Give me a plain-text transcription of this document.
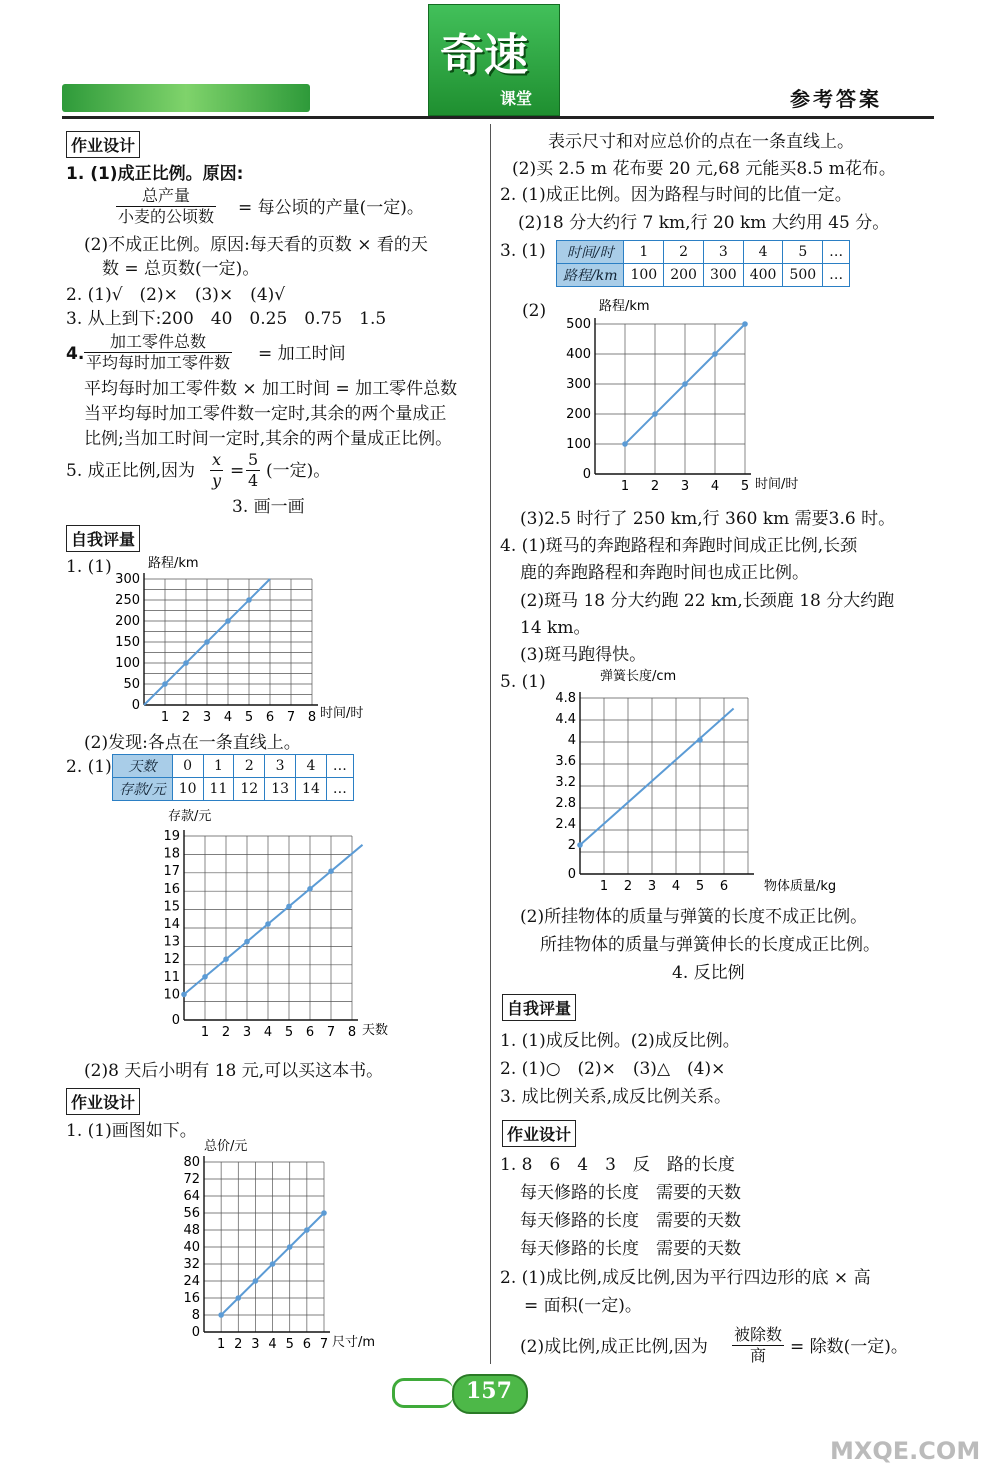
奇速
课堂	参考答案
作业设计
1. (1)成正比例。原因:
总产量
小麦的公顷数 = 每公顷的产量(一定)。
(2)不成正比例。原因:每天看的页数 × 看的天
数 = 总页数(一定)。
2. (1)√　(2)×　(3)×　(4)√
3. 从上到下:200　40　0.25　0.75　1.5
4.
加工零件总数
平均每时加工零件数 = 加工时间
平均每时加工零件数 × 加工时间 = 加工零件总数
当平均每时加工零件数一定时,其余的两个量成正
比例;当加工时间一定时,其余的两个量成正比例。
5. 成正比例,因为 $\frac{x}{y} = \frac{5}{4}$ (一定)。
3. 画一画
自我评量
1. (1)
1 2 3 4 5 6 7 8
0
50
100
150
200
250
300
时间/时
路程/km
(2)发现:各点在一条直线上。
2. (1) 天数	0	1	2	3	4	…
存款/元	10	11	12	13	14	…
1 2 3 4 5 6 7 8
0
10
11
12
13
14
15
16
17
18
19
天数
存款/元
(2)8 天后小明有 18 元,可以买这本书。
作业设计
1. (1)画图如下。
1 2 3 4 5 6 7
0
8
16
24
32
40
48
56
64
72
80
尺寸/m
总价/元
表示尺寸和对应总价的点在一条直线上。
(2)买 2.5 m 花布要 20 元,68 元能买8.5 m花布。
2. (1)成正比例。因为路程与时间的比值一定。
(2)18 分大约行 7 km,行 20 km 大约用 45 分。
3. (1) 时间/时	1	2	3	4	5	…
路程/km	100	200	300	400	500	…
(2)
1 2 3 4 5
0
100
200
300
400
500
时间/时
路程/km
(3)2.5 时行了 250 km,行 360 km 需要3.6 时。
4. (1)斑马的奔跑路程和奔跑时间成正比例,长颈
鹿的奔跑路程和奔跑时间也成正比例。
(2)斑马 18 分大约跑 22 km,长颈鹿 18 分大约跑
14 km。
(3)斑马跑得快。
5. (1)
1 2 3 4 5 6
0
2
2.4
2.8
3.2
3.6
4
4.4
4.8
物体质量/kg
弹簧长度/cm
(2)所挂物体的质量与弹簧的长度不成正比例。
所挂物体的质量与弹簧伸长的长度成正比例。
4. 反比例
自我评量
1. (1)成反比例。(2)成反比例。
2. (1)○　(2)×　(3)△　(4)×
3. 成比例关系,成反比例关系。
作业设计
1. 8　6　4　3　反　路的长度
每天修路的长度　需要的天数
每天修路的长度　需要的天数
每天修路的长度　需要的天数
2. (1)成比例,成反比例,因为平行四边形的底 × 高
= 面积(一定)。
(2)成比例,成正比例,因为
被除数
商	= 除数(一定)。
157
MXQE.COM
